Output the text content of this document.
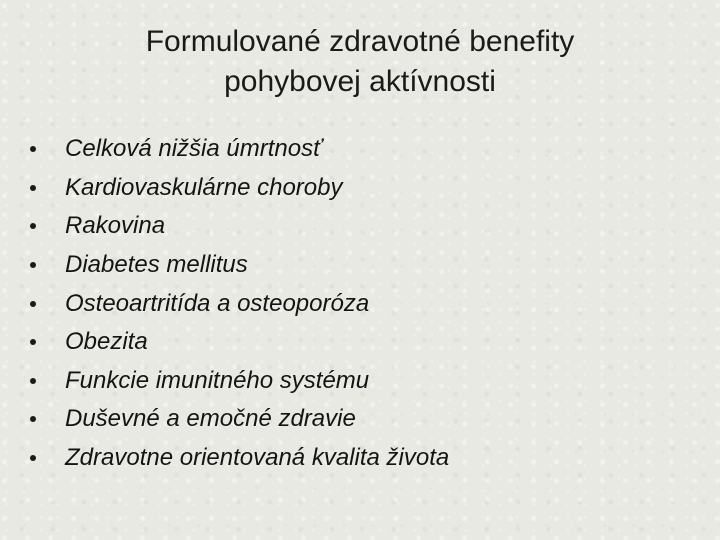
Formulované zdravotné benefity
pohybovej aktívnosti
Celková nižšia úmrtnosť
Kardiovaskulárne choroby
Rakovina
Diabetes mellitus
Osteoartritída a osteoporóza
Obezita
Funkcie imunitného systému
Duševné a emočné zdravie
Zdravotne orientovaná kvalita života
